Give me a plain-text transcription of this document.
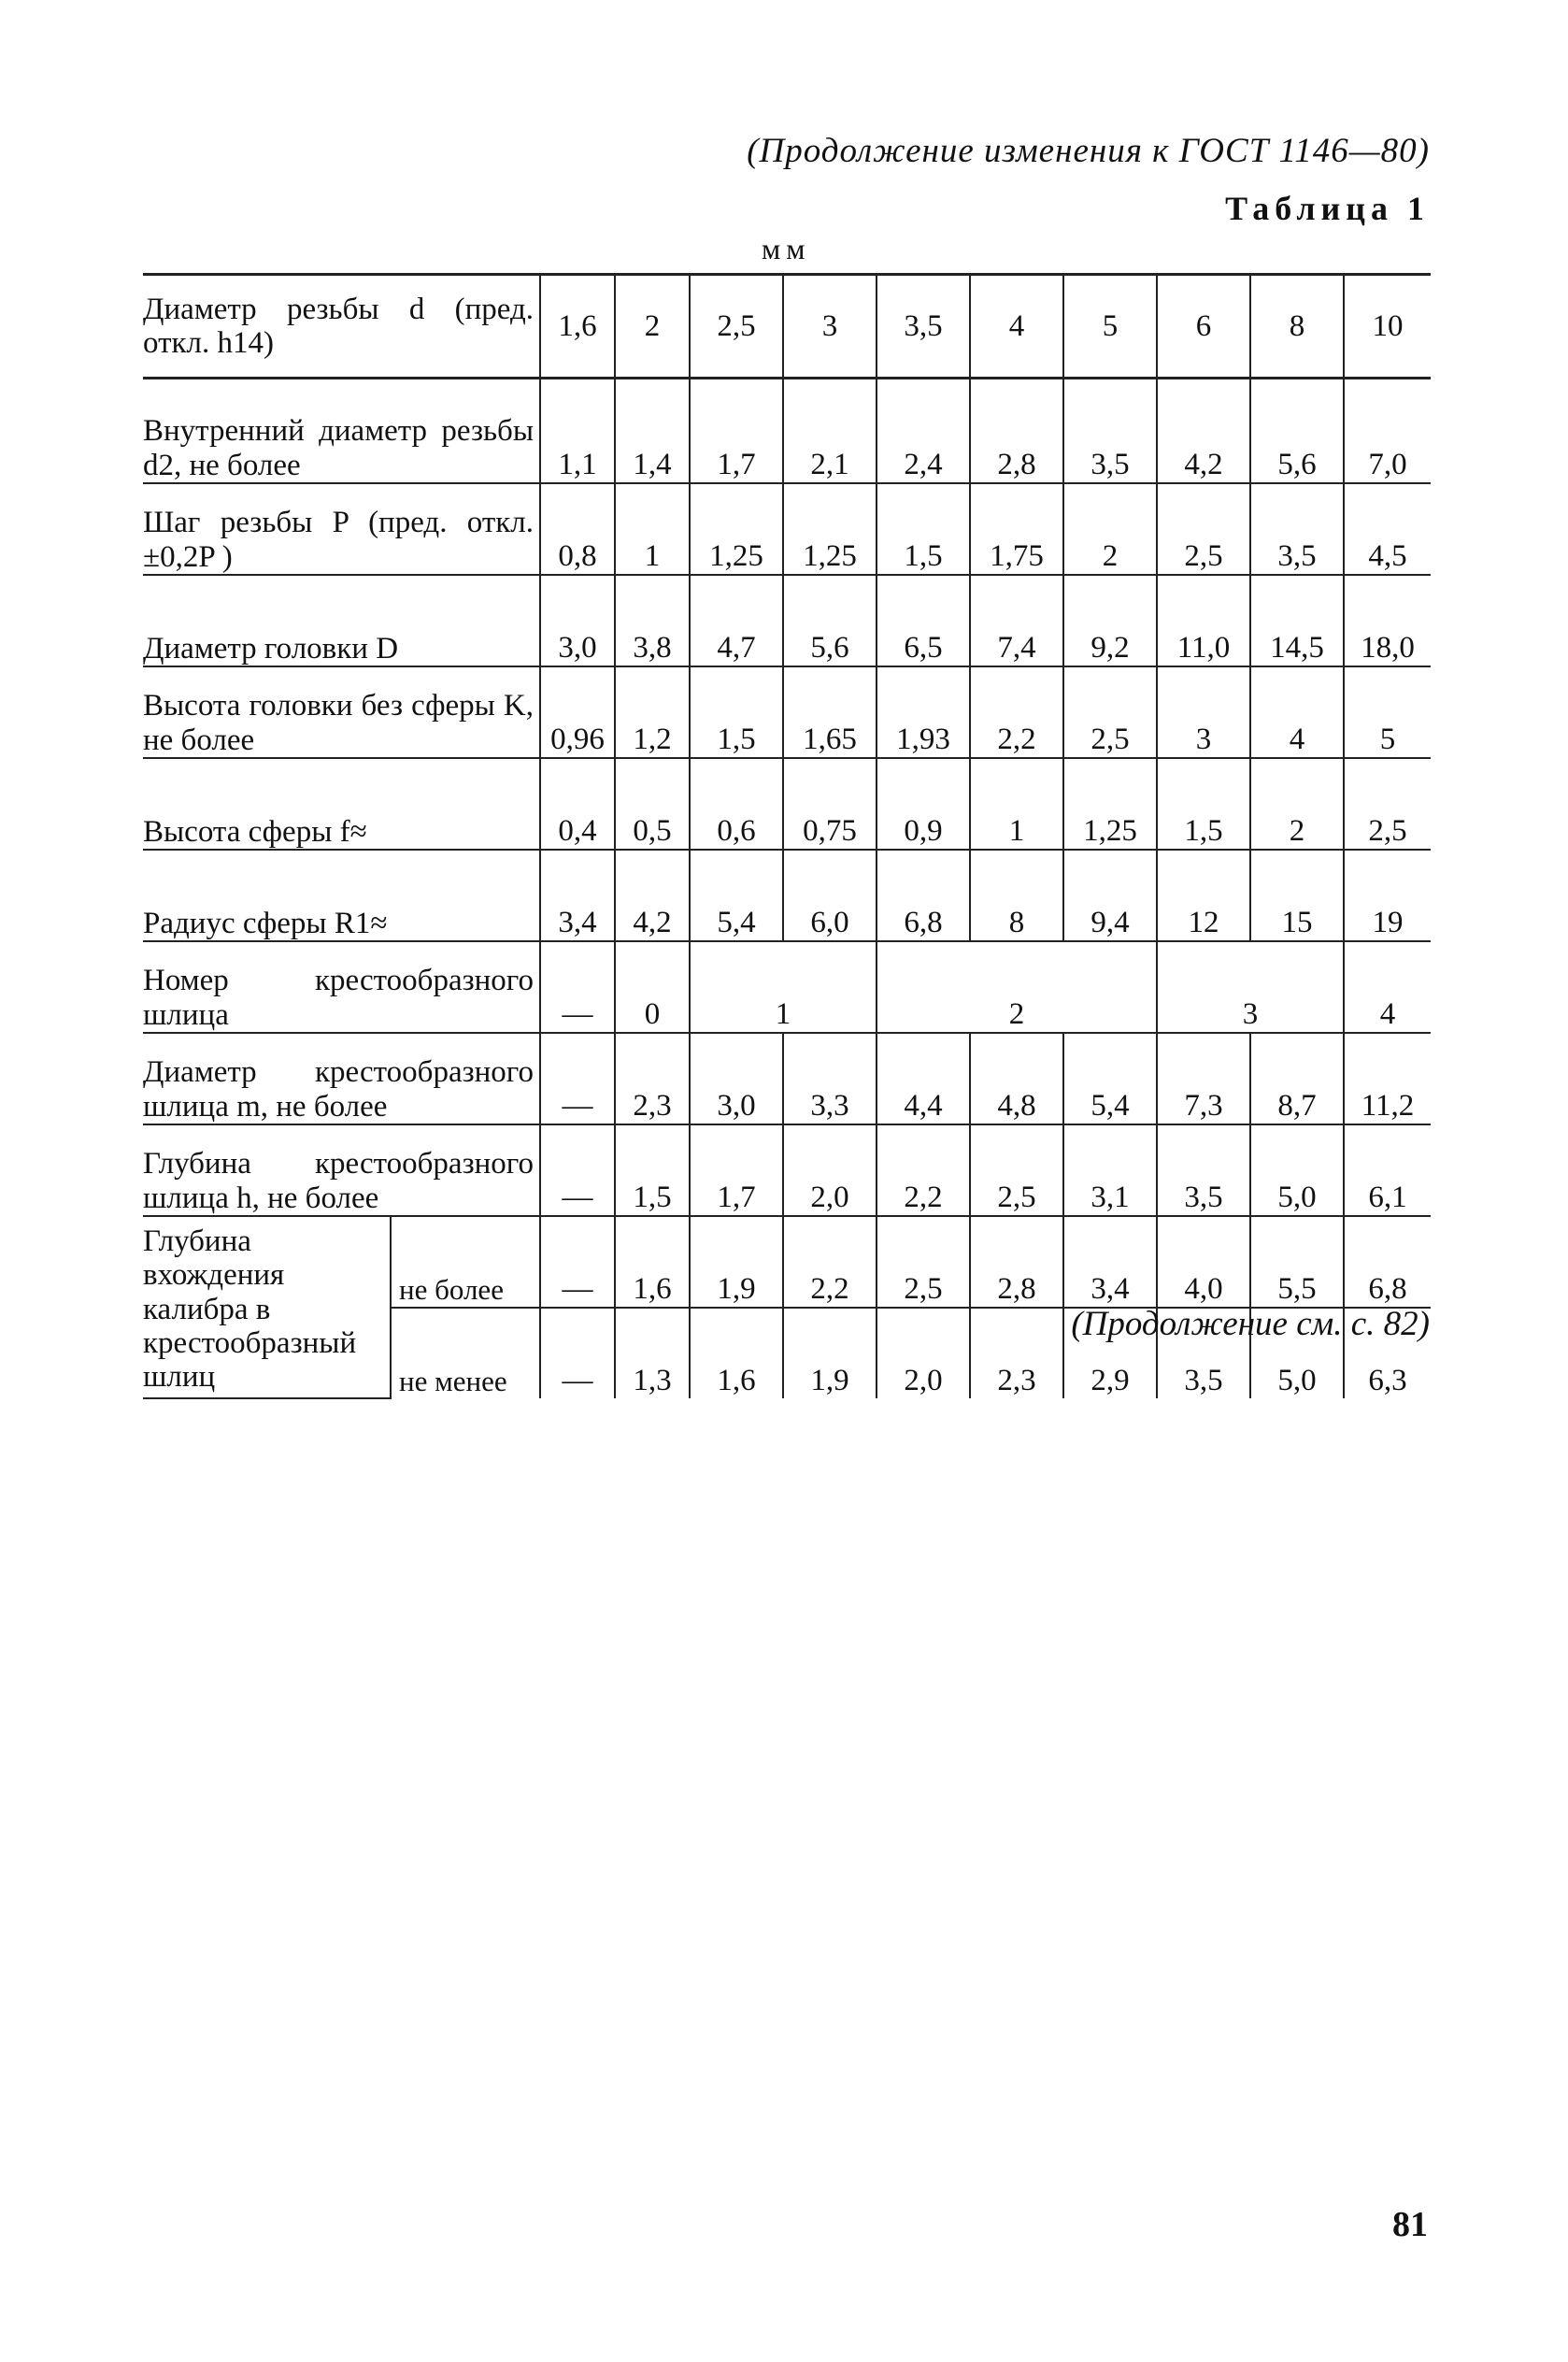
(Продолжение изменения к ГОСТ 1146—80)
Таблица 1
мм
Диаметр резьбы d (пред. откл. h14)		1,6	2	2,5	3	3,5	4	5	6	8	10

Внутренний диаметр резьбы d2, не более		1,1	1,4	1,7	2,1	2,4	2,8	3,5	4,2	5,6	7,0
Шаг резьбы P (пред. откл. ±0,2P )		0,8	1	1,25	1,25	1,5	1,75	2	2,5	3,5	4,5
Диаметр головки D		3,0	3,8	4,7	5,6	6,5	7,4	9,2	11,0	14,5	18,0
Высота головки без сферы K, не более		0,96	1,2	1,5	1,65	1,93	2,2	2,5	3	4	5
Высота сферы f≈		0,4	0,5	0,6	0,75	0,9	1	1,25	1,5	2	2,5
Радиус сферы R1≈		3,4	4,2	5,4	6,0	6,8	8	9,4	12	15	19
Номер крестообразного шлица		—	0	1		2			3		4
Диаметр крестообразного шлица m, не более		—	2,3	3,0	3,3	4,4	4,8	5,4	7,3	8,7	11,2
Глубина крестообразного шлица h, не более		—	1,5	1,7	2,0	2,2	2,5	3,1	3,5	5,0	6,1
Глубина вхождения калибра в крестообразный шлиц	не более	—	1,6	1,9	2,2	2,5	2,8	3,4	4,0	5,5	6,8
	не менее	—	1,3	1,6	1,9	2,0	2,3	2,9	3,5	5,0	6,3
(Продолжение см. с. 82)
81
